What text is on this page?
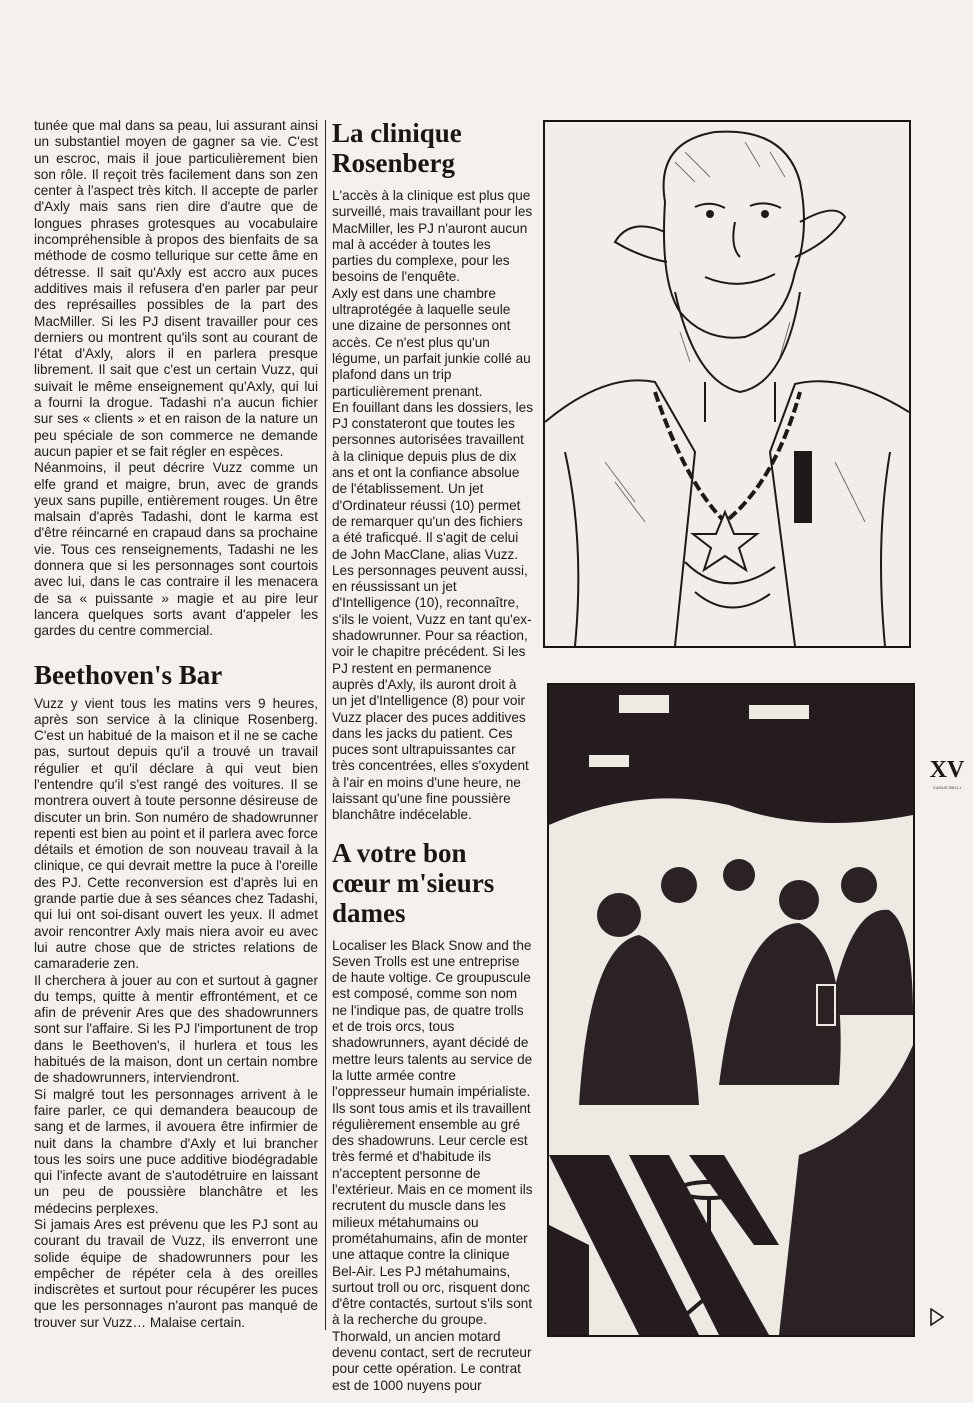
tunée que mal dans sa peau, lui assurant ainsi un substantiel moyen de gagner sa vie. C'est un escroc, mais il joue particulièrement bien son rôle. Il reçoit très facilement dans son zen center à l'aspect très kitch. Il accepte de parler d'Axly mais sans rien dire d'autre que de longues phrases grotesques au vocabulaire incompréhensible à propos des bienfaits de sa méthode de cosmo tellurique sur cette âme en détresse. Il sait qu'Axly est accro aux puces additives mais il refusera d'en parler par peur des représailles possibles de la part des MacMiller. Si les PJ disent travailler pour ces derniers ou montrent qu'ils sont au courant de l'état d'Axly, alors il en parlera presque librement. Il sait que c'est un certain Vuzz, qui suivait le même enseignement qu'Axly, qui lui a fourni la drogue. Tadashi n'a aucun fichier sur ses « clients » et en raison de la nature un peu spéciale de son commerce ne demande aucun papier et se fait régler en espèces.

Néanmoins, il peut décrire Vuzz comme un elfe grand et maigre, brun, avec de grands yeux sans pupille, entièrement rouges. Un être malsain d'après Tadashi, dont le karma est d'être réincarné en crapaud dans sa prochaine vie. Tous ces renseignements, Tadashi ne les donnera que si les personnages sont courtois avec lui, dans le cas contraire il les menacera de sa « puissante » magie et au pire leur lancera quelques sorts avant d'appeler les gardes du centre commercial.

Beethoven's Bar

Vuzz y vient tous les matins vers 9 heures, après son service à la clinique Rosenberg. C'est un habitué de la maison et il ne se cache pas, surtout depuis qu'il a trouvé un travail régulier et qu'il déclare à qui veut bien l'entendre qu'il s'est rangé des voitures. Il se montrera ouvert à toute personne désireuse de discuter un brin. Son numéro de shadowrunner repenti est bien au point et il parlera avec force détails et émotion de son nouveau travail à la clinique, ce qui devrait mettre la puce à l'oreille des PJ. Cette reconversion est d'après lui en grande partie due à ses séances chez Tadashi, qui lui ont soi-disant ouvert les yeux. Il admet avoir rencontrer Axly mais niera avoir eu avec lui autre chose que de strictes relations de camaraderie zen.

Il cherchera à jouer au con et surtout à gagner du temps, quitte à mentir effrontément, et ce afin de prévenir Ares que des shadowrunners sont sur l'affaire. Si les PJ l'importunent de trop dans le Beethoven's, il hurlera et tous les habitués de la maison, dont un certain nombre de shadowrunners, interviendront.

Si malgré tout les personnages arrivent à le faire parler, ce qui demandera beaucoup de sang et de larmes, il avouera être infirmier de nuit dans la chambre d'Axly et lui brancher tous les soirs une puce additive biodégradable qui l'infecte avant de s'autodétruire en laissant un peu de poussière blanchâtre et les médecins perplexes.

Si jamais Ares est prévenu que les PJ sont au courant du travail de Vuzz, ils enverront une solide équipe de shadowrunners pour les empêcher de répéter cela à des oreilles indiscrètes et surtout pour récupérer les puces que les personnages n'auront pas manqué de trouver sur Vuzz… Malaise certain.

La clinique
Rosenberg

L'accès à la clinique est plus que surveillé, mais travaillant pour les MacMiller, les PJ n'auront aucun mal à accéder à toutes les parties du complexe, pour les besoins de l'enquête.

Axly est dans une chambre ultraprotégée à laquelle seule une dizaine de personnes ont accès. Ce n'est plus qu'un légume, un parfait junkie collé au plafond dans un trip particulièrement prenant.

En fouillant dans les dossiers, les PJ constateront que toutes les personnes autorisées travaillent à la clinique depuis plus de dix ans et ont la confiance absolue de l'établissement. Un jet d'Ordinateur réussi (10) permet de remarquer qu'un des fichiers a été traficqué. Il s'agit de celui de John MacClane, alias Vuzz.

Les personnages peuvent aussi, en réussissant un jet d'Intelligence (10), reconnaître, s'ils le voient, Vuzz en tant qu'ex-shadowrunner. Pour sa réaction, voir le chapitre précédent. Si les PJ restent en permanence auprès d'Axly, ils auront droit à un jet d'Intelligence (8) pour voir Vuzz placer des puces additives dans les jacks du patient. Ces puces sont ultrapuissantes car très concentrées, elles s'oxydent à l'air en moins d'une heure, ne laissant qu'une fine poussière blanchâtre indécelable.

A votre bon
cœur m'sieurs
dames

Localiser les Black Snow and the Seven Trolls est une entreprise de haute voltige. Ce groupuscule est composé, comme son nom ne l'indique pas, de quatre trolls et de trois orcs, tous shadowrunners, ayant décidé de mettre leurs talents au service de la lutte armée contre l'oppresseur humain impérialiste. Ils sont tous amis et ils travaillent régulièrement ensemble au gré des shadowruns. Leur cercle est très fermé et d'habitude ils n'acceptent personne de l'extérieur. Mais en ce moment ils recrutent du muscle dans les milieux métahumains ou prométahumains, afin de monter une attaque contre la clinique Bel-Air. Les PJ métahumains, surtout troll ou orc, risquent donc d'être contactés, surtout s'ils sont à la recherche du groupe. Thorwald, un ancien motard devenu contact, sert de recruteur pour cette opération. Le contrat est de 1000 nuyens pour

XV
CASUS BELLI
